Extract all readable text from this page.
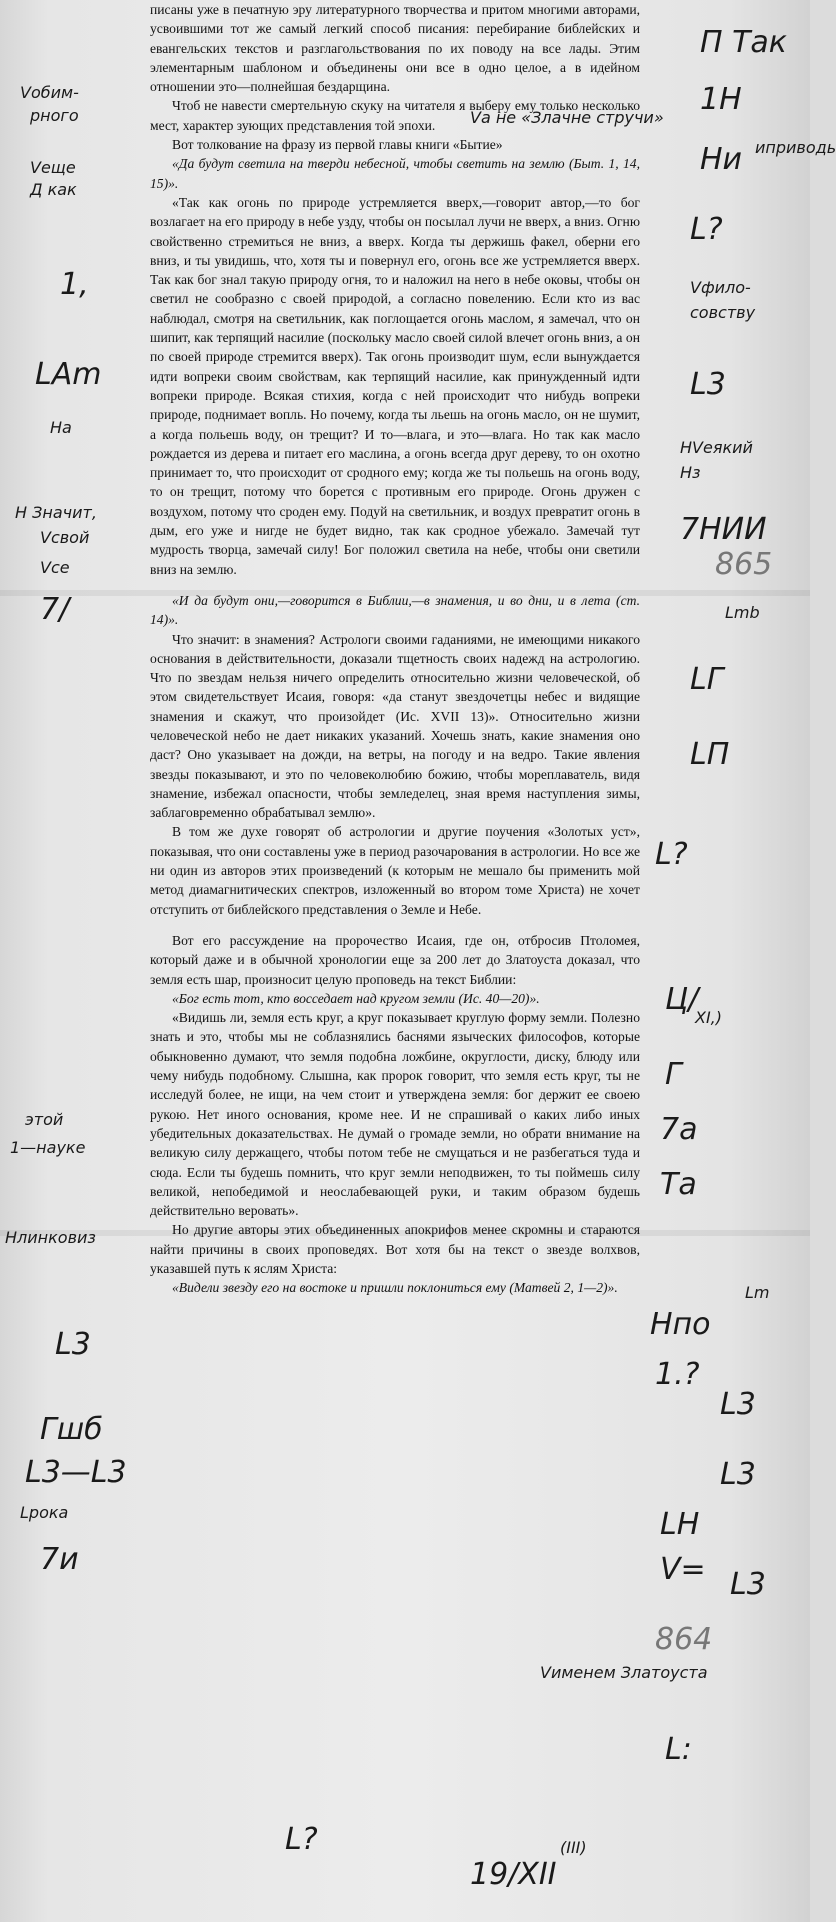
писаны уже в печатную эру литературного творчества и притом многими авторами, усвоившими тот же самый легкий способ писания: перебирание библейских и евангельских текстов и разглагольствования по их поводу на все лады. Этим элементарным шаблоном и объединены они все в одно целое, а в идейном отношении это—полнейшая бездарщина.

Чтоб не навести смертельную скуку на читателя я выберу ему только несколько мест, характер зующих представления той эпохи.

Вот толкование на фразу из первой главы книги «Бытие»

«Да будут светила на тверди небесной, чтобы светить на землю (Быт. 1, 14, 15)».

«Так как огонь по природе устремляется вверх,—говорит автор,—то бог возлагает на его природу в небе узду, чтобы он посылал лучи не вверх, а вниз. Огню свойственно стремиться не вниз, а вверх. Когда ты держишь факел, оберни его вниз, и ты увидишь, что, хотя ты и повернул его, огонь все же устремляется вверх. Так как бог знал такую природу огня, то и наложил на него в небе оковы, чтобы он светил не сообразно с своей природой, а согласно повелению. Если кто из вас наблюдал, смотря на светильник, как поглощается огонь маслом, я замечал, что он шипит, как терпящий насилие (поскольку масло своей силой влечет огонь вниз, а он по своей природе стремится вверх). Так огонь производит шум, если вынуждается идти вопреки своим свойствам, как терпящий насилие, как принужденный идти вопреки природе. Всякая стихия, когда с ней происходит что нибудь вопреки природе, поднимает вопль. Но почему, когда ты льешь на огонь масло, он не шумит, а когда польешь воду, он трещит? И то—влага, и это—влага. Но так как масло рождается из дерева и питает его маслина, а огонь всегда друг дереву, то он охотно принимает то, что происходит от сродного ему; когда же ты польешь на огонь воду, то он трещит, потому что борется с противным его природе. Огонь дружен с воздухом, потому что сроден ему. Подуй на светильник, и воздух превратит огонь в дым, его уже и нигде не будет видно, так как сродное убежало. Замечай тут мудрость творца, замечай силу! Бог положил светила на небе, чтобы они светили вниз на землю.

«И да будут они,—говорится в Библии,—в знамения, и во дни, и в лета (ст. 14)».

Что значит: в знамения? Астрологи своими гаданиями, не имеющими никакого основания в действительности, доказали тщетность своих надежд на астрологию. Что по звездам нельзя ничего определить относительно жизни человеческой, об этом свидетельствует Исаия, говоря: «да станут звездочетцы небес и видящие знамения и скажут, что произойдет (Ис. XVII 13)». Относительно жизни человеческой небо не дает никаких указаний. Хочешь знать, какие знамения оно даст? Оно указывает на дожди, на ветры, на погоду и на ведро. Такие явления звезды показывают, и это по человеколюбию божию, чтобы мореплаватель, видя знамение, избежал опасности, чтобы земледелец, зная время наступления зимы, заблаговременно обрабатывал землю».

В том же духе говорят об астрологии и другие поучения «Золотых уст», показывая, что они составлены уже в период разочарования в астрологии. Но все же ни один из авторов этих произведений (к которым не мешало бы применить мой метод диамагнитических спектров, изложенный во втором томе Христа) не хочет отступить от библейского представления о Земле и Небе.

Вот его рассуждение на пророчество Исаия, где он, отбросив Птоломея, который даже и в обычной хронологии еще за 200 лет до Златоуста доказал, что земля есть шар, произносит целую проповедь на текст Библии:

«Бог есть тот, кто восседает над кругом земли (Ис. 40—20)».

«Видишь ли, земля есть круг, а круг показывает круглую форму земли. Полезно знать и это, чтобы мы не соблазнялись баснями языческих философов, которые обыкновенно думают, что земля подобна ложбине, округлости, диску, блюду или чему нибудь подобному. Слышна, как пророк говорит, что земля есть круг, ты не исследуй более, не ищи, на чем стоит и утверждена земля: бог держит ее своею рукою. Нет иного основания, кроме нее. И не спрашивай о каких либо иных убедительных доказательствах. Не думай о громаде земли, но обрати внимание на великую силу держащего, чтобы потом тебе не смущаться и не разбегаться туда и сюда. Если ты будешь помнить, что круг земли неподвижен, то ты поймешь силу великой, непобедимой и неослабевающей руки, и таким образом будешь действительно веровать».

Но другие авторы этих объединенных апокрифов менее скромны и стараются найти причины в своих проповедях. Вот хотя бы на текст о звезде волхвов, указавшей путь к яслям Христа:

«Видели звезду его на востоке и пришли поклониться ему (Матвей 2, 1—2)».

П Так
1Н
Ни иприводь
Vа не «Злачне стручи»
Vобим-
рного
Vеще
Д как
1,
L?
Vфило-
совству
L3
LAm
Ha
НVеякий
Hз
7НИИ
Н Значит,
Vсвой
Vсе
7/
865
Lmb
LГ
LП
L?
Ц/
XI,)
Г
7а
Та
этой
1—науке
Нлинковиз
L3
Нпо
Lm
1.?
L3
L3
Гшб
L3—L3
Lрока
7и
LH
V= L3
864
Vименем Златоуста
L:
L?
19/XII
(III)
